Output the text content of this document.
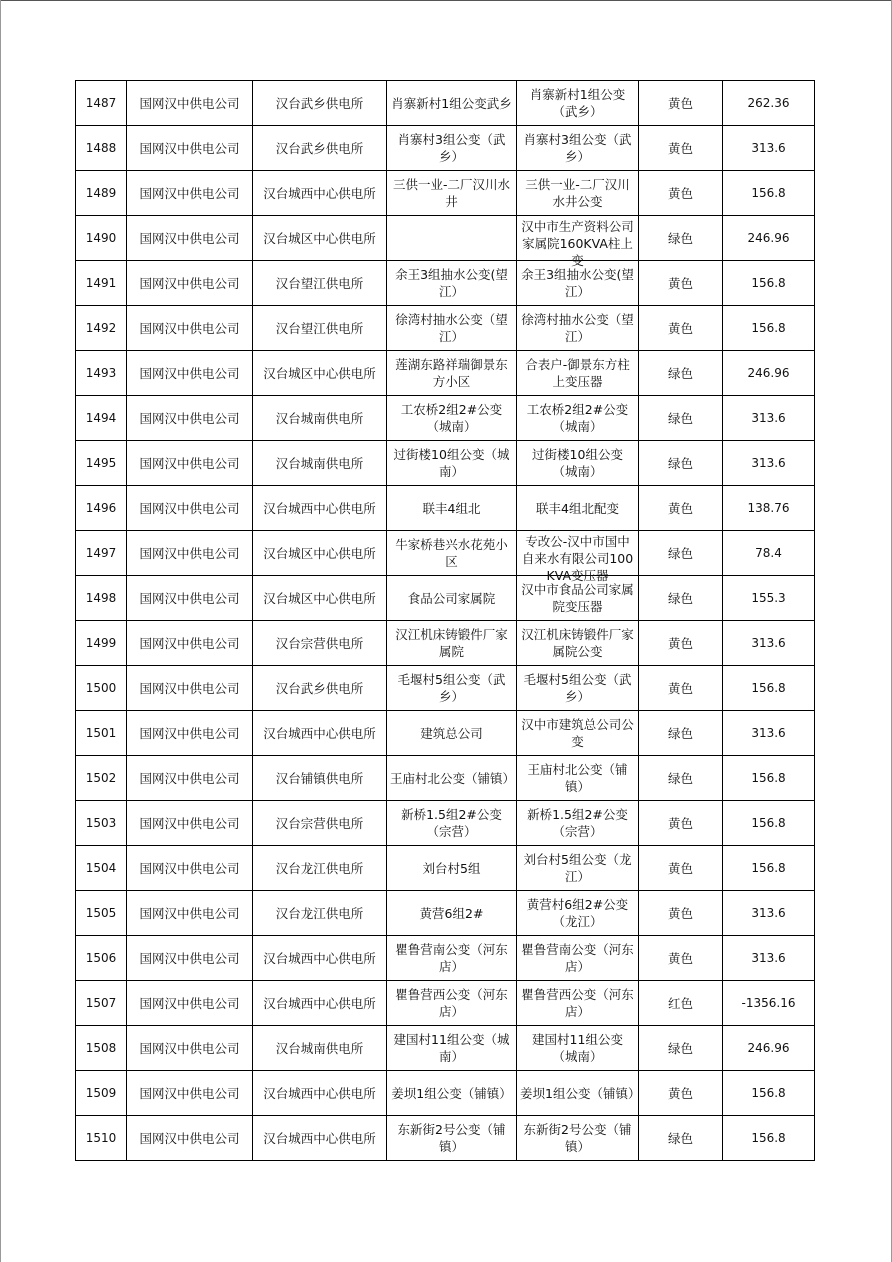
1487	国网汉中供电公司	汉台武乡供电所	肖寨新村1组公变武乡	肖寨新村1组公变（武乡）	黄色	262.36

1488	国网汉中供电公司	汉台武乡供电所	肖寨村3组公变（武乡）	肖寨村3组公变（武乡）	黄色	313.6

1489	国网汉中供电公司	汉台城西中心供电所	三供一业-二厂汉川水井	三供一业-二厂汉川水井公变	黄色	156.8

1490	国网汉中供电公司	汉台城区中心供电所		汉中市生产资料公司家属院160KVA柱上变	绿色	246.96

1491	国网汉中供电公司	汉台望江供电所	余王3组抽水公变(望江）	余王3组抽水公变(望江）	黄色	156.8

1492	国网汉中供电公司	汉台望江供电所	徐湾村抽水公变（望江）	徐湾村抽水公变（望江）	黄色	156.8

1493	国网汉中供电公司	汉台城区中心供电所	莲湖东路祥瑞御景东方小区	合表户-御景东方柱上变压器	绿色	246.96

1494	国网汉中供电公司	汉台城南供电所	工农桥2组2#公变（城南）	工农桥2组2#公变（城南）	绿色	313.6

1495	国网汉中供电公司	汉台城南供电所	过街楼10组公变（城南）	过街楼10组公变（城南）	绿色	313.6

1496	国网汉中供电公司	汉台城西中心供电所	联丰4组北	联丰4组北配变	黄色	138.76

1497	国网汉中供电公司	汉台城区中心供电所	牛家桥巷兴水花苑小区	专改公-汉中市国中自来水有限公司100KVA变压器	绿色	78.4

1498	国网汉中供电公司	汉台城区中心供电所	食品公司家属院	汉中市食品公司家属院变压器	绿色	155.3

1499	国网汉中供电公司	汉台宗营供电所	汉江机床铸锻件厂家属院	汉江机床铸锻件厂家属院公变	黄色	313.6

1500	国网汉中供电公司	汉台武乡供电所	毛堰村5组公变（武乡）	毛堰村5组公变（武乡）	黄色	156.8

1501	国网汉中供电公司	汉台城西中心供电所	建筑总公司	汉中市建筑总公司公变	绿色	313.6

1502	国网汉中供电公司	汉台铺镇供电所	王庙村北公变（铺镇）	王庙村北公变（铺镇）	绿色	156.8

1503	国网汉中供电公司	汉台宗营供电所	新桥1.5组2#公变（宗营）	新桥1.5组2#公变（宗营）	黄色	156.8

1504	国网汉中供电公司	汉台龙江供电所	刘台村5组	刘台村5组公变（龙江）	黄色	156.8

1505	国网汉中供电公司	汉台龙江供电所	黄营6组2#	黄营村6组2#公变（龙江）	黄色	313.6

1506	国网汉中供电公司	汉台城西中心供电所	瞿鲁营南公变（河东店）	瞿鲁营南公变（河东店）	黄色	313.6

1507	国网汉中供电公司	汉台城西中心供电所	瞿鲁营西公变（河东店）	瞿鲁营西公变（河东店）	红色	-1356.16

1508	国网汉中供电公司	汉台城南供电所	建国村11组公变（城南）	建国村11组公变（城南）	绿色	246.96

1509	国网汉中供电公司	汉台城西中心供电所	姜坝1组公变（铺镇）	姜坝1组公变（铺镇）	黄色	156.8

1510	国网汉中供电公司	汉台城西中心供电所	东新街2号公变（铺镇）	东新街2号公变（铺镇）	绿色	156.8
